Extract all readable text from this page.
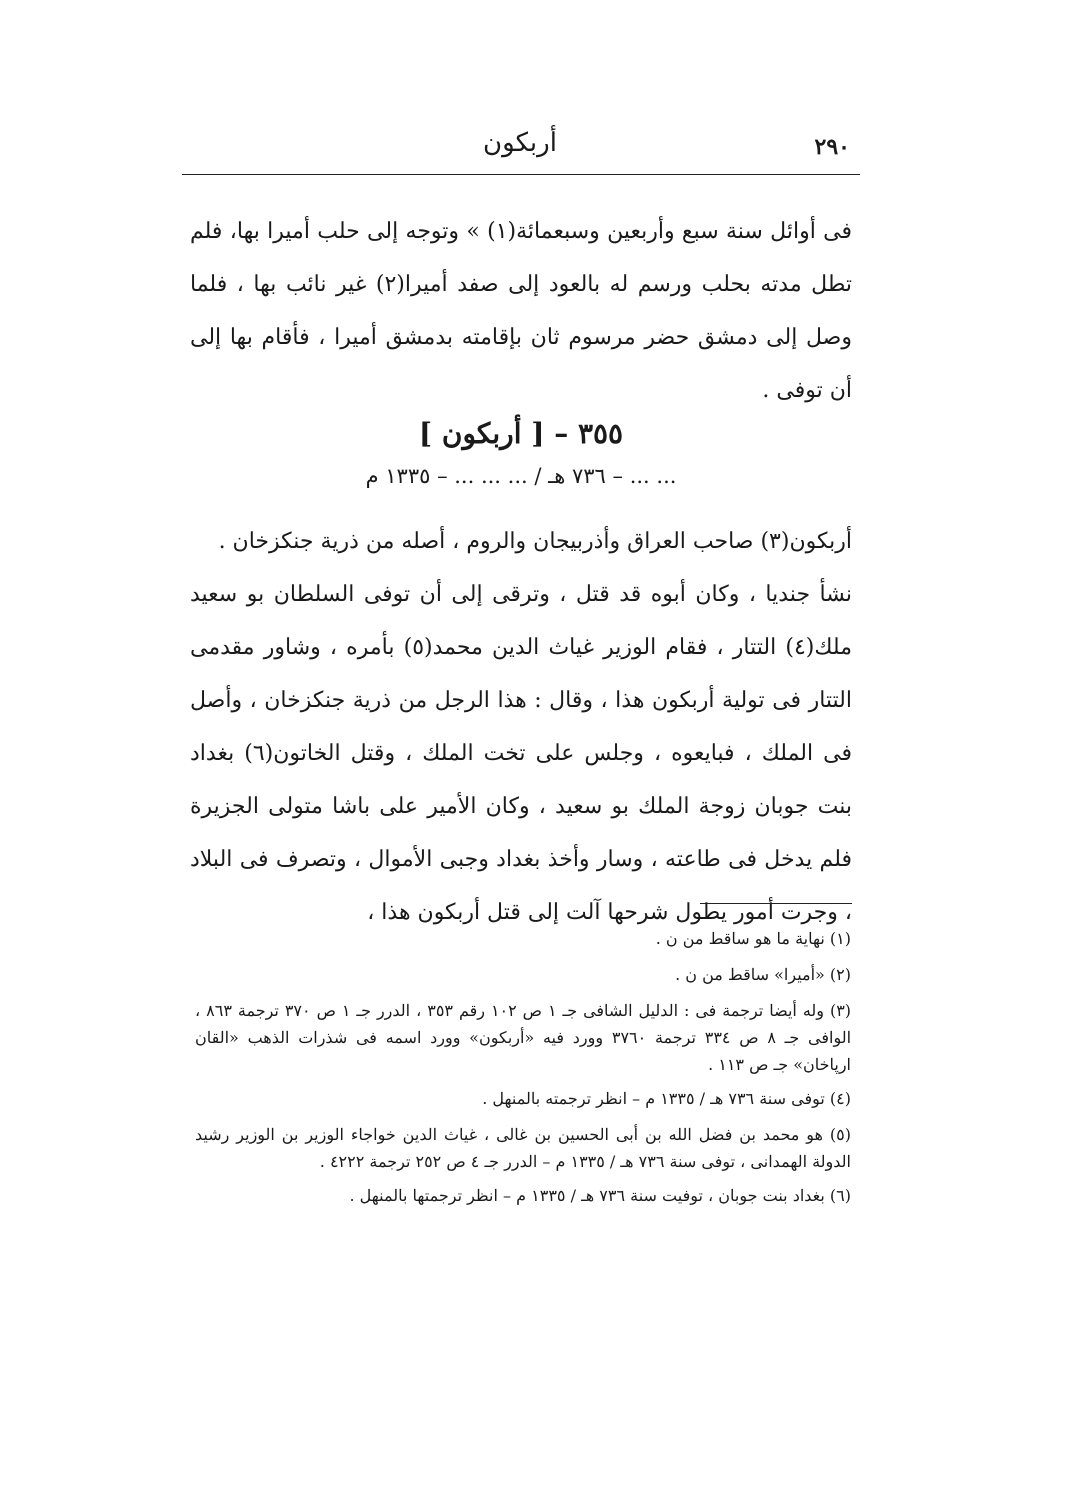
٢٩٠
أربكون

فى أوائل سنة سبع وأربعين وسبعمائة(١) » وتوجه إلى حلب أميرا بها، فلم تطل مدته بحلب ورسم له بالعود إلى صفد أميرا(٢) غير نائب بها ، فلما وصل إلى دمشق حضر مرسوم ثان بإقامته بدمشق أميرا ، فأقام بها إلى أن توفى .

٣٥٥ – [ أربكون ]
... ... – ٧٣٦ هـ / ... ... ... – ١٣٣٥ م

أربكون(٣) صاحب العراق وأذربيجان والروم ، أصله من ذرية جنكزخان .

نشأ جنديا ، وكان أبوه قد قتل ، وترقى إلى أن توفى السلطان بو سعيد ملك(٤) التتار ، فقام الوزير غياث الدين محمد(٥) بأمره ، وشاور مقدمى التتار فى تولية أربكون هذا ، وقال : هذا الرجل من ذرية جنكزخان ، وأصل فى الملك ، فبايعوه ، وجلس على تخت الملك ، وقتل الخاتون(٦) بغداد بنت جوبان زوجة الملك بو سعيد ، وكان الأمير على باشا متولى الجزيرة فلم يدخل فى طاعته ، وسار وأخذ بغداد وجبى الأموال ، وتصرف فى البلاد ، وجرت أمور يطول شرحها آلت إلى قتل أربكون هذا ،

(١) نهاية ما هو ساقط من ن .

(٢) «أميرا» ساقط من ن .

(٣) وله أيضا ترجمة فى : الدليل الشافى جـ ١ ص ١٠٢ رقم ٣٥٣ ، الدرر جـ ١ ص ٣٧٠ ترجمة ٨٦٣ ، الوافى جـ ٨ ص ٣٣٤ ترجمة ٣٧٦٠ وورد فيه «أربكون» وورد اسمه فى شذرات الذهب «القان ارپاخان» جـ ص ١١٣ .

(٤) توفى سنة ٧٣٦ هـ / ١٣٣٥ م – انظر ترجمته بالمنهل .

(٥) هو محمد بن فضل الله بن أبى الحسين بن غالى ، غياث الدين خواجاء الوزير بن الوزير رشيد الدولة الهمدانى ، توفى سنة ٧٣٦ هـ / ١٣٣٥ م – الدرر جـ ٤ ص ٢٥٢ ترجمة ٤٢٢٢ .

(٦) بغداد بنت جوبان ، توفيت سنة ٧٣٦ هـ / ١٣٣٥ م – انظر ترجمتها بالمنهل .
